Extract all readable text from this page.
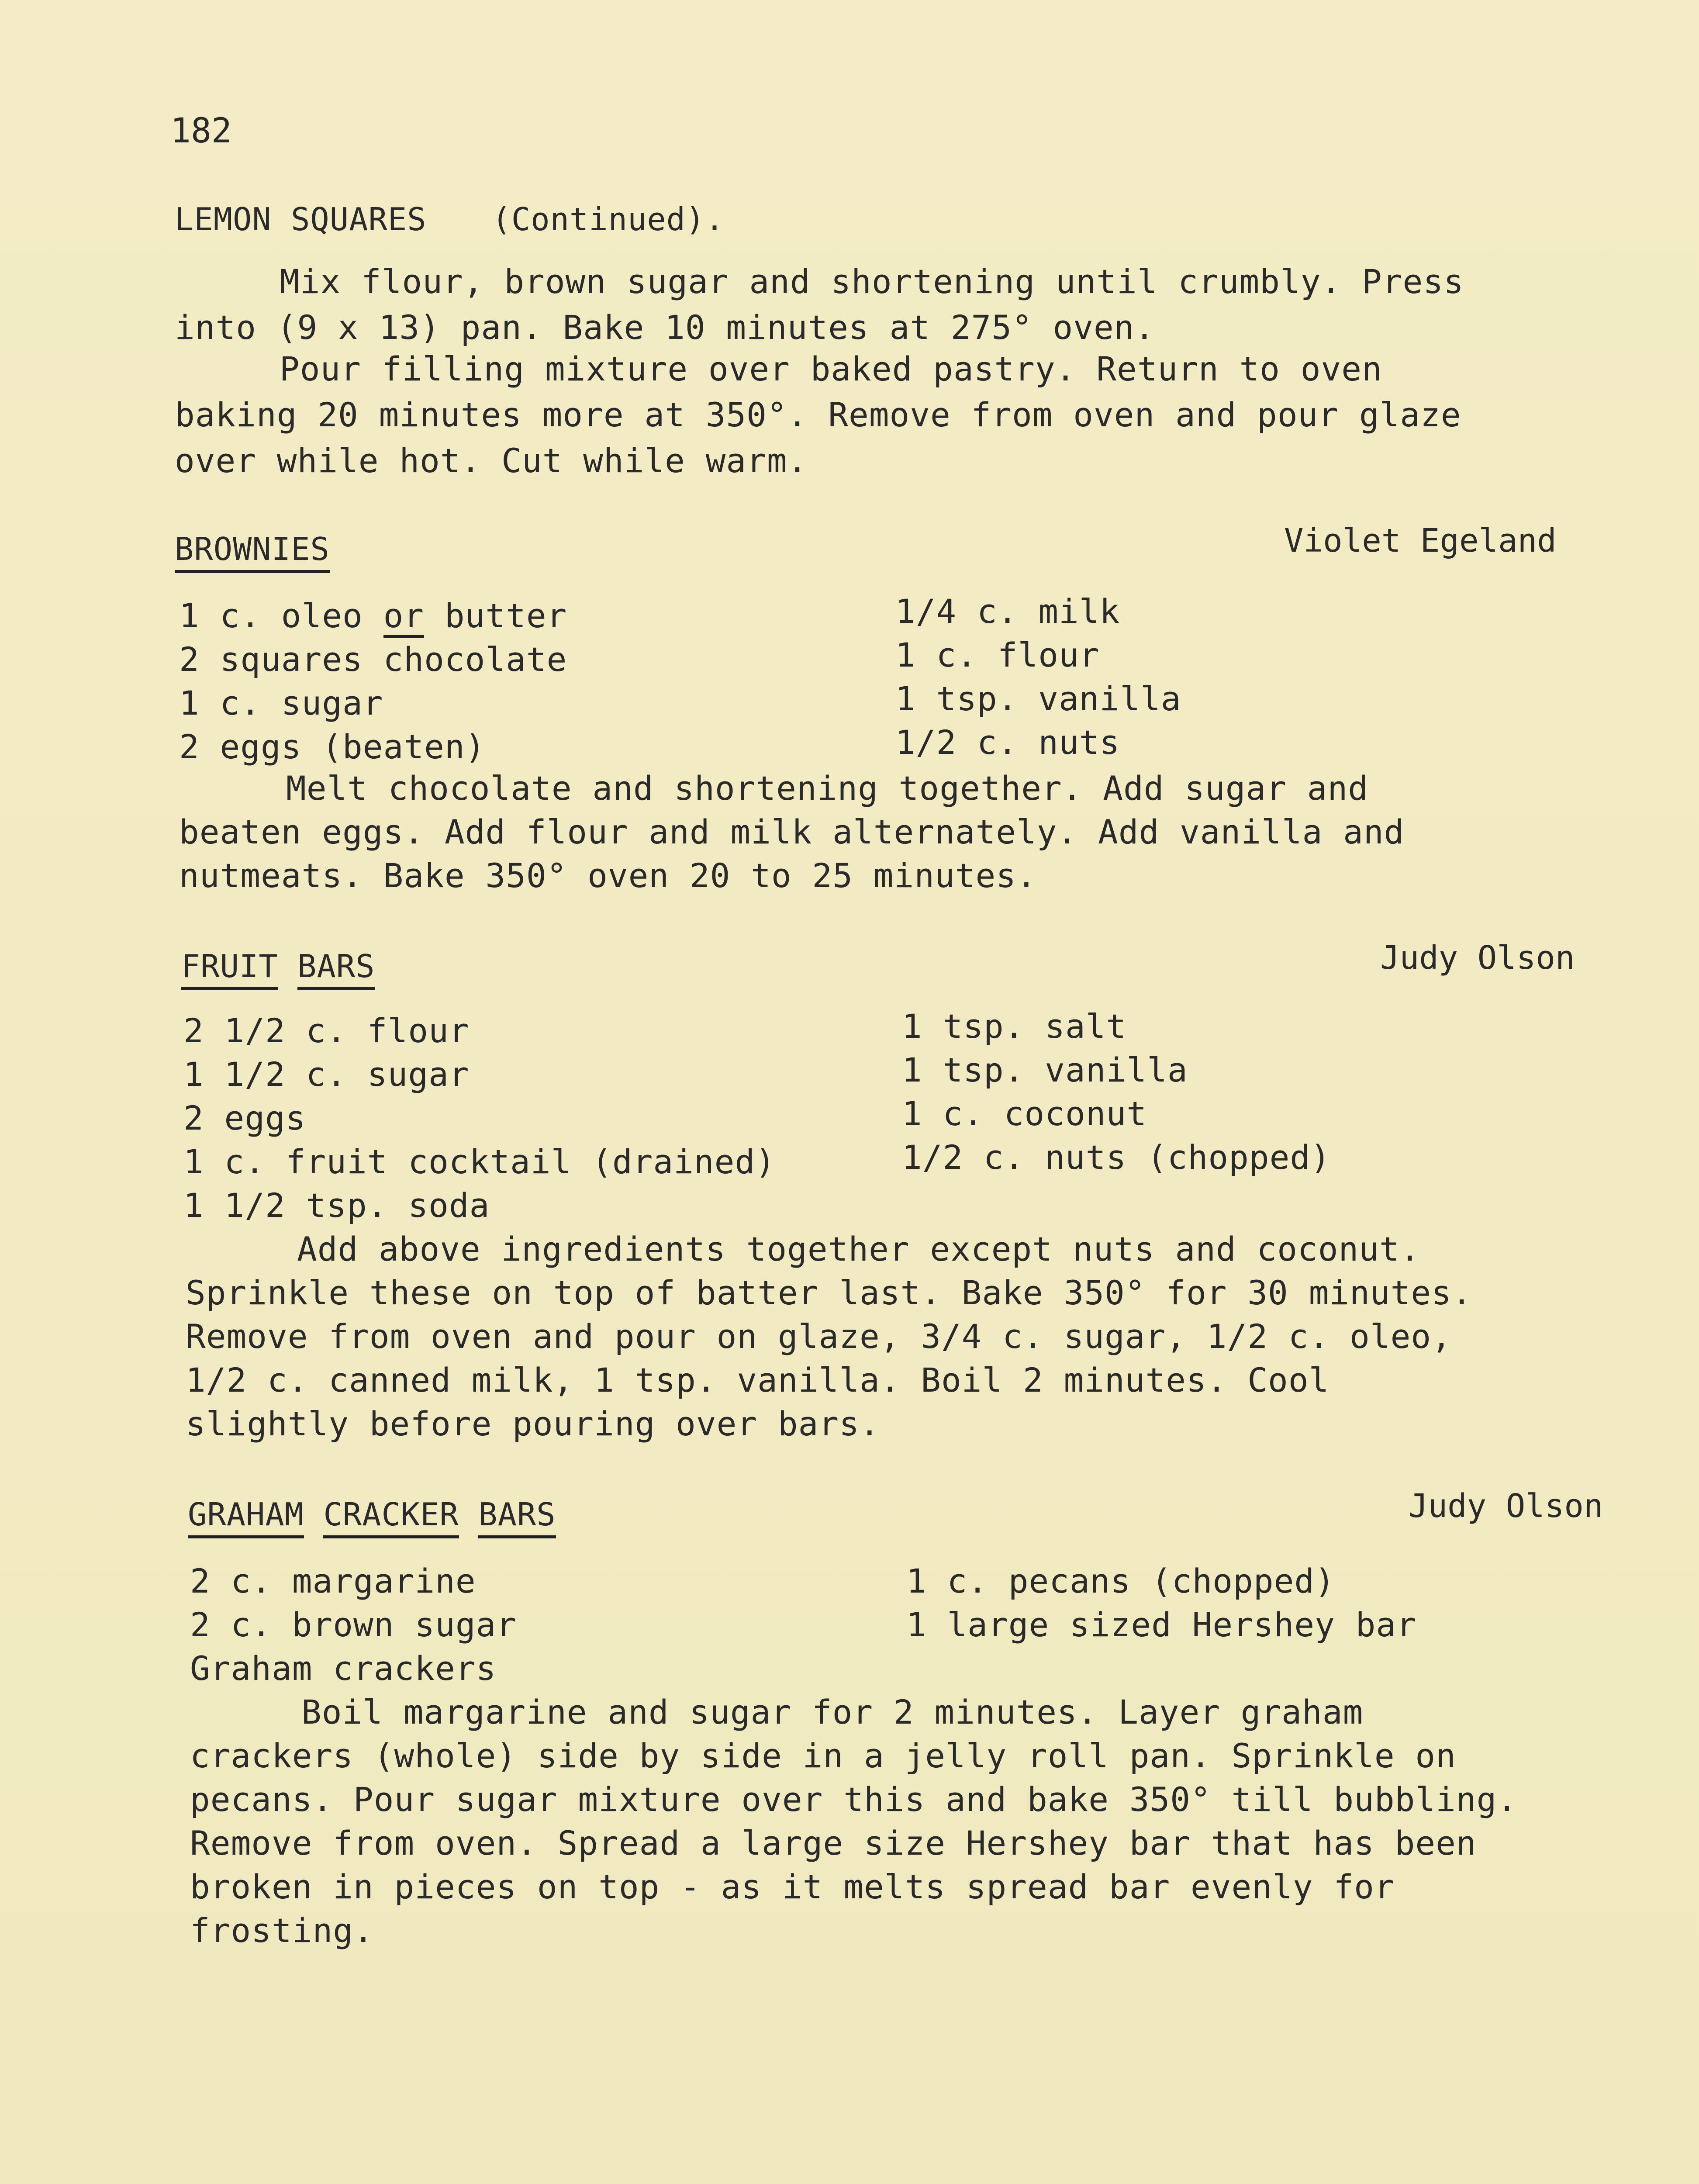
182
LEMON SQUARES (Continued).
Mix flour, brown sugar and shortening until crumbly. Press
into (9 x 13) pan. Bake 10 minutes at 275° oven.
Pour filling mixture over baked pastry. Return to oven
baking 20 minutes more at 350°. Remove from oven and pour glaze
over while hot. Cut while warm.
BROWNIES	Violet Egeland
1 c. oleo or butter
2 squares chocolate
1 c. sugar
2 eggs (beaten)
1/4 c. milk
1 c. flour
1 tsp. vanilla
1/2 c. nuts
Melt chocolate and shortening together. Add sugar and
beaten eggs. Add flour and milk alternately. Add vanilla and
nutmeats. Bake 350° oven 20 to 25 minutes.
FRUIT BARS	Judy Olson
2 1/2 c. flour
1 1/2 c. sugar
2 eggs
1 c. fruit cocktail (drained)
1 1/2 tsp. soda
1 tsp. salt
1 tsp. vanilla
1 c. coconut
1/2 c. nuts (chopped)
Add above ingredients together except nuts and coconut.
Sprinkle these on top of batter last. Bake 350° for 30 minutes.
Remove from oven and pour on glaze, 3/4 c. sugar, 1/2 c. oleo,
1/2 c. canned milk, 1 tsp. vanilla. Boil 2 minutes. Cool
slightly before pouring over bars.
GRAHAM CRACKER BARS	Judy Olson
2 c. margarine
2 c. brown sugar
Graham crackers
1 c. pecans (chopped)
1 large sized Hershey bar
Boil margarine and sugar for 2 minutes. Layer graham
crackers (whole) side by side in a jelly roll pan. Sprinkle on
pecans. Pour sugar mixture over this and bake 350° till bubbling.
Remove from oven. Spread a large size Hershey bar that has been
broken in pieces on top - as it melts spread bar evenly for
frosting.
